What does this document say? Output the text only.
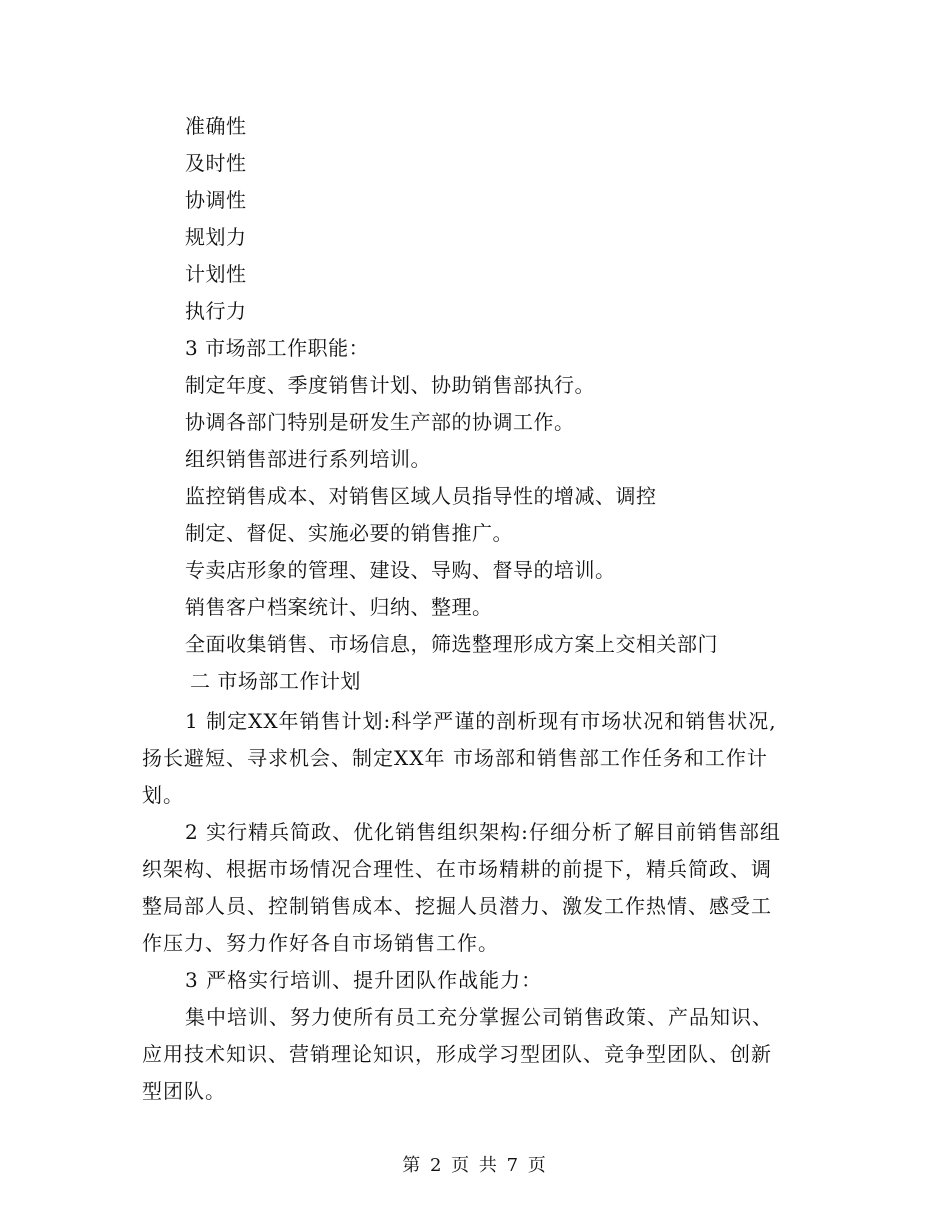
准确性
及时性
协调性
规划力
计划性
执行力
3 市场部工作职能：
制定年度、季度销售计划、协助销售部执行。
协调各部门特别是研发生产部的协调工作。
组织销售部进行系列培训。
监控销售成本、对销售区域人员指导性的增减、调控
制定、督促、实施必要的销售推广。
专卖店形象的管理、建设、导购、督导的培训。
销售客户档案统计、归纳、整理。
全面收集销售、市场信息，筛选整理形成方案上交相关部门
二 市场部工作计划
1 制定XX年销售计划:科学严谨的剖析现有市场状况和销售状况,
扬长避短、寻求机会、制定XX年 市场部和销售部工作任务和工作计
划。
2 实行精兵简政、优化销售组织架构:仔细分析了解目前销售部组
织架构、根据市场情况合理性、在市场精耕的前提下，精兵简政、调
整局部人员、控制销售成本、挖掘人员潜力、激发工作热情、感受工
作压力、努力作好各自市场销售工作。
3 严格实行培训、提升团队作战能力：
集中培训、努力使所有员工充分掌握公司销售政策、产品知识、
应用技术知识、营销理论知识，形成学习型团队、竞争型团队、创新
型团队。
第 2 页 共 7 页
